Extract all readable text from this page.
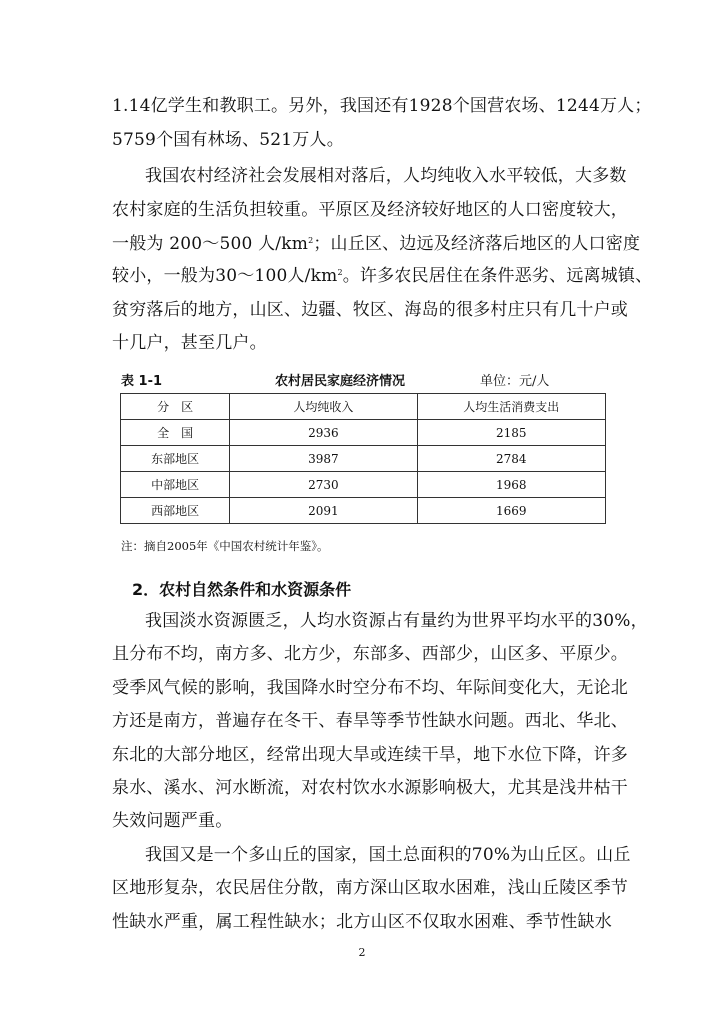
1.14亿学生和教职工。另外，我国还有1928个国营农场、1244万人；
5759个国有林场、521万人。
我国农村经济社会发展相对落后，人均纯收入水平较低，大多数
农村家庭的生活负担较重。平原区及经济较好地区的人口密度较大，
一般为 200～500 人$/km^2$；山丘区、边远及经济落后地区的人口密度
较小，一般为30～100人$/km^2$。许多农民居住在条件恶劣、远离城镇、
贫穷落后的地方，山区、边疆、牧区、海岛的很多村庄只有几十户或
十几户，甚至几户。
表 1-1	农村居民家庭经济情况	单位：元/人
分　区	人均纯收入	人均生活消费支出
全　国	2936	2185
东部地区	3987	2784
中部地区	2730	1968
西部地区	2091	1669
注：摘自2005年《中国农村统计年鉴》。
2．农村自然条件和水资源条件
我国淡水资源匮乏，人均水资源占有量约为世界平均水平的30%，
且分布不均，南方多、北方少，东部多、西部少，山区多、平原少。
受季风气候的影响，我国降水时空分布不均、年际间变化大，无论北
方还是南方，普遍存在冬干、春旱等季节性缺水问题。西北、华北、
东北的大部分地区，经常出现大旱或连续干旱，地下水位下降，许多
泉水、溪水、河水断流，对农村饮水水源影响极大，尤其是浅井枯干
失效问题严重。
我国又是一个多山丘的国家，国土总面积的70%为山丘区。山丘
区地形复杂，农民居住分散，南方深山区取水困难，浅山丘陵区季节
性缺水严重，属工程性缺水；北方山区不仅取水困难、季节性缺水
2
